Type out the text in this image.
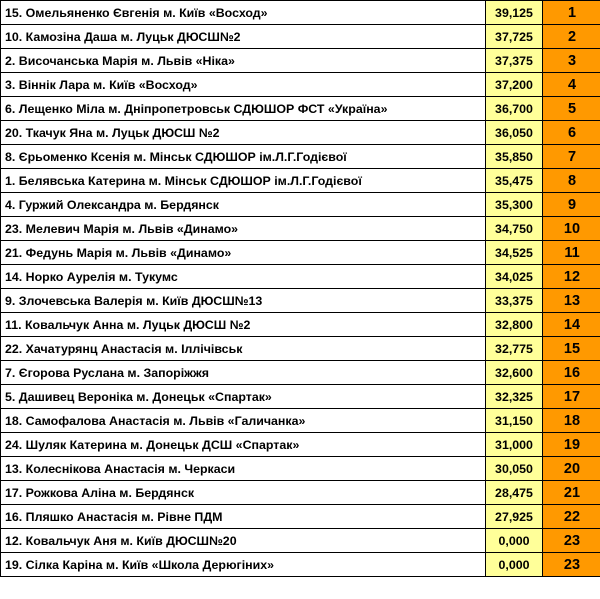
15. Омельяненко Євгенія м. Київ «Восход»	39,125	1
10. Камозіна Даша м. Луцьк ДЮСШ№2	37,725	2
2. Височанська Марія м. Львів «Ніка»	37,375	3
3. Віннік Лара м. Київ «Восход»	37,200	4
6. Лещенко Міла м. Дніпропетровськ СДЮШОР ФСТ «Україна»	36,700	5
20. Ткачук Яна м. Луцьк ДЮСШ №2	36,050	6
8. Єрьоменко Ксенія м. Мінськ СДЮШОР ім.Л.Г.Годієвої	35,850	7
1. Белявська Катерина м. Мінськ СДЮШОР ім.Л.Г.Годієвої	35,475	8
4. Гуржий Олександра м. Бердянск	35,300	9
23. Мелевич Марія м. Львів «Динамо»	34,750	10
21. Федунь Марія м. Львів «Динамо»	34,525	11
14. Норко Аурелія м. Тукумс	34,025	12
9. Злочевська Валерія м. Київ ДЮСШ№13	33,375	13
11. Ковальчук Анна м. Луцьк ДЮСШ №2	32,800	14
22. Хачатурянц Анастасія м. Іллічівськ	32,775	15
7. Єгорова Руслана м. Запоріжжя	32,600	16
5. Дашивец Вероніка м. Донецьк «Спартак»	32,325	17
18. Самофалова Анастасія м. Львів «Галичанка»	31,150	18
24. Шуляк Катерина м. Донецьк ДСШ «Спартак»	31,000	19
13. Колеснікова Анастасія м. Черкаси	30,050	20
17. Рожкова Аліна м. Бердянск	28,475	21
16. Пляшко Анастасія м. Рівне ПДМ	27,925	22
12. Ковальчук Аня м. Київ ДЮСШ№20	0,000	23
19. Сілка Каріна м. Київ «Школа Дерюгіних»	0,000	23
